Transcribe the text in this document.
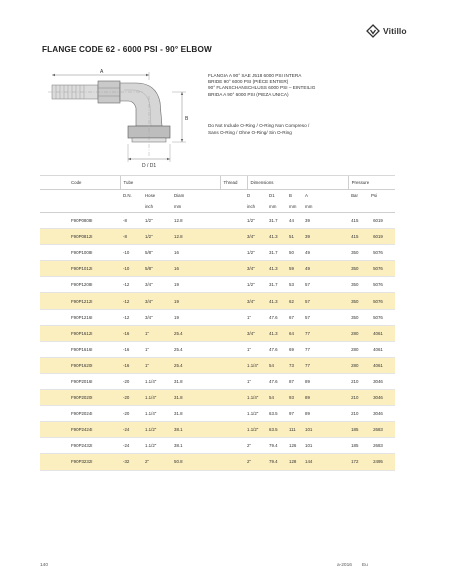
Vitillo
FLANGE CODE 62 - 6000 PSI - 90° ELBOW
A
B
D / D1
FLANGIA A 90° SAE J518 6000 PSI INTERA
BRIDE 90° 6000 PSI (PIÈCE ENTIER)
90° FLANSCHANSCHLUSS 6000 PSI – EINTEILIG
BRIDA A 90° 6000 PSI (PIEZA UNICA)
Do Not Include O-Ring / O-Ring Non Compreso /
Sans O-Ring / Ohne O-Ring/ Sin O-Ring
Code	Tube			Thread	Dimensions					Pressure
	D.N.	Hose	Diam		D	D1	B	A		Bar Psi
		inch	mm		inch	mm	mm	mm		
F90P0808I	-8	1/2"	12.8		1/2"	31.7	44	39		415 6019
F90P0812I	-8	1/2"	12.8		3/4"	41.3	51	39		415 6019
F90P1008I	-10	5/8"	16		1/2"	31.7	50	49		350 5076
F90P1012I	-10	5/8"	16		3/4"	41.3	59	49		350 5076
F90P1208I	-12	3/4"	19		1/2"	31.7	53	57		350 5076
F90P1212I	-12	3/4"	19		3/4"	41.3	62	57		350 5076
F90P1216I	-12	3/4"	19		1"	47.6	67	57		350 5076
F90P1612I	-16	1"	25.4		3/4"	41.3	64	77		280 4061
F90P1616I	-16	1"	25.4		1"	47.6	69	77		280 4061
F90P1620I	-16	1"	25.4		1.1/4"	54	73	77		280 4061
F90P2016I	-20	1.1/4"	31.8		1"	47.6	87	89		210 3046
F90P2020I	-20	1.1/4"	31.8		1.1/4"	54	93	89		210 3046
F90P2024I	-20	1.1/4"	31.8		1.1/2"	63.5	97	89		210 3046
F90P2424I	-24	1.1/2"	38.1		1.1/2"	63.5	111	101		185 2683
F90P2432I	-24	1.1/2"	38.1		2"	79.4	126	101		185 2683
F90P3232I	-32	2"	50.8		2"	79.4	128	144		172 2495
140	a-2016 Eu
